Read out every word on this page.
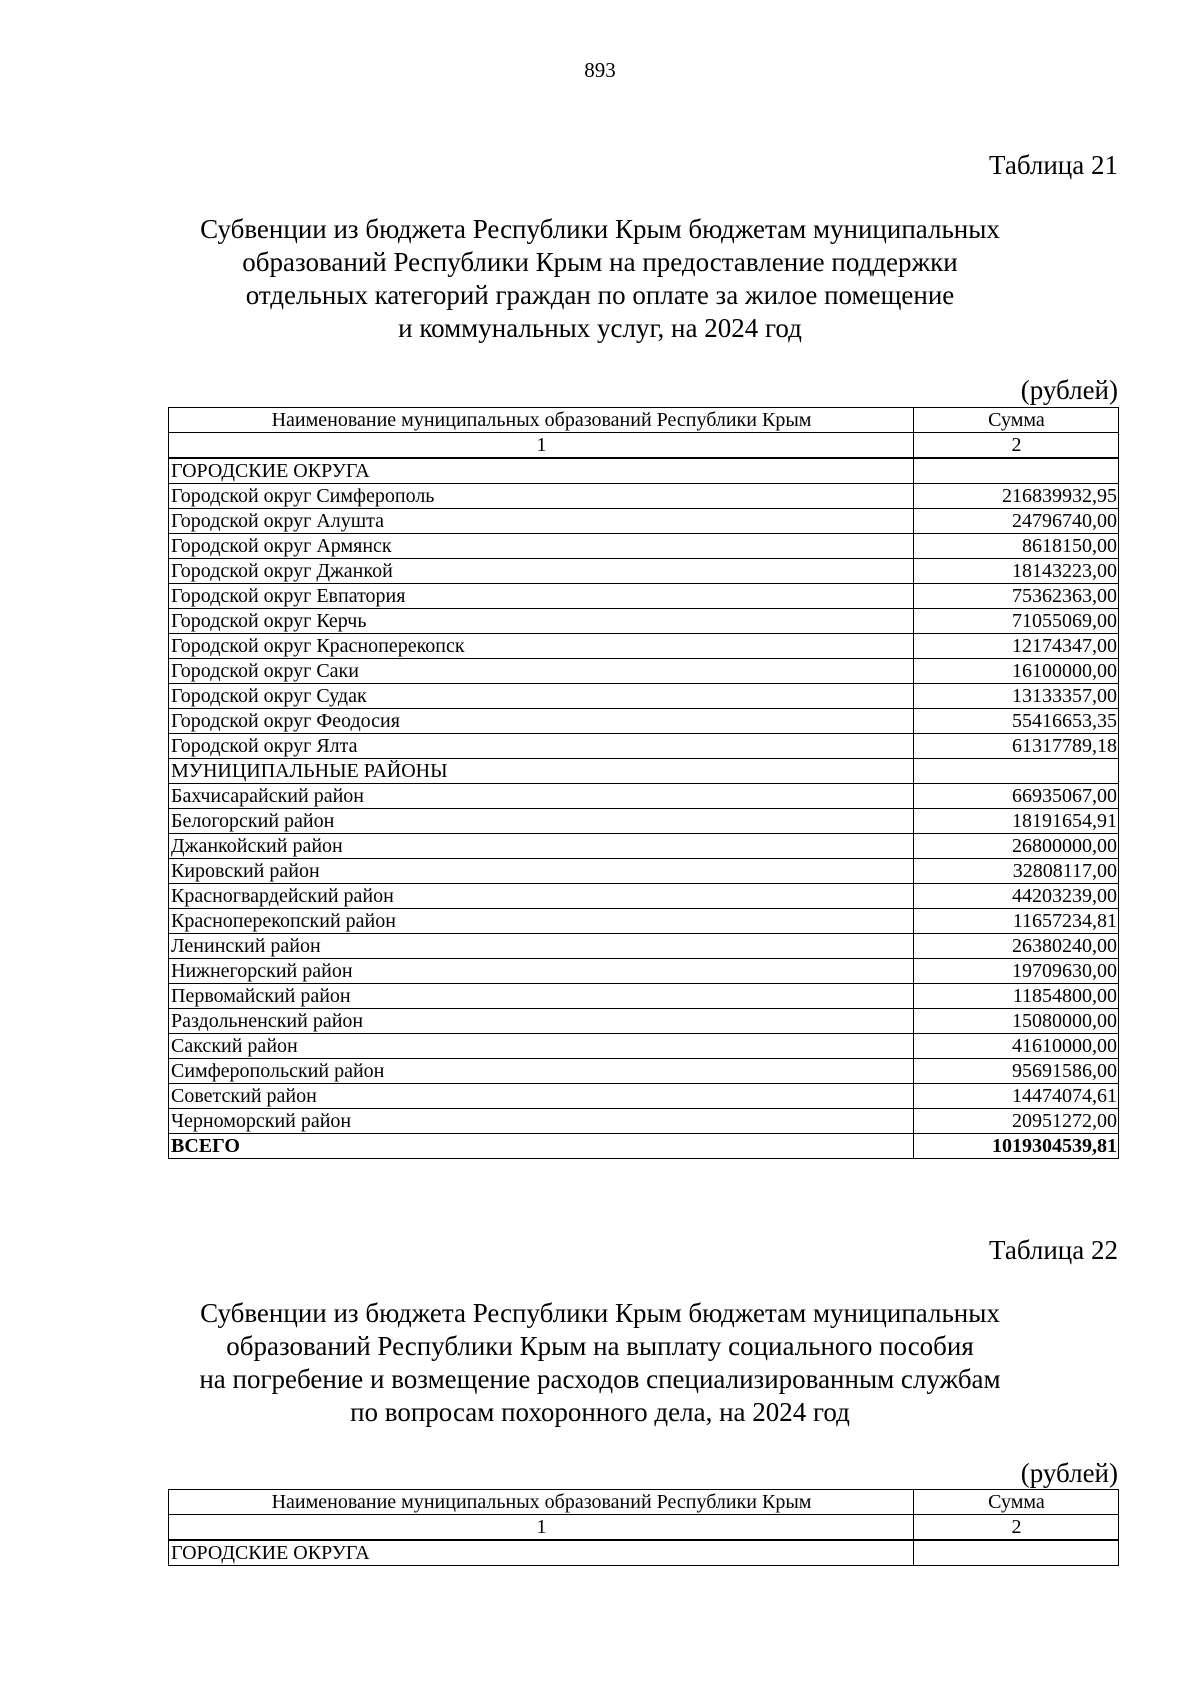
893
Таблица 21
Субвенции из бюджета Республики Крым бюджетам муниципальных
образований Республики Крым на предоставление поддержки
отдельных категорий граждан по оплате за жилое помещение
и коммунальных услуг, на 2024 год
(рублей)
Наименование муниципальных образований Республики Крым	Сумма
1	2
ГОРОДСКИЕ ОКРУГА	
Городской округ Симферополь	216839932,95
Городской округ Алушта	24796740,00
Городской округ Армянск	8618150,00
Городской округ Джанкой	18143223,00
Городской округ Евпатория	75362363,00
Городской округ Керчь	71055069,00
Городской округ Красноперекопск	12174347,00
Городской округ Саки	16100000,00
Городской округ Судак	13133357,00
Городской округ Феодосия	55416653,35
Городской округ Ялта	61317789,18
МУНИЦИПАЛЬНЫЕ РАЙОНЫ	
Бахчисарайский район	66935067,00
Белогорский район	18191654,91
Джанкойский район	26800000,00
Кировский район	32808117,00
Красногвардейский район	44203239,00
Красноперекопский район	11657234,81
Ленинский район	26380240,00
Нижнегорский район	19709630,00
Первомайский район	11854800,00
Раздольненский район	15080000,00
Сакский район	41610000,00
Симферопольский район	95691586,00
Советский район	14474074,61
Черноморский район	20951272,00
ВСЕГО	1019304539,81
Таблица 22
Субвенции из бюджета Республики Крым бюджетам муниципальных
образований Республики Крым на выплату социального пособия
на погребение и возмещение расходов специализированным службам
по вопросам похоронного дела, на 2024 год
(рублей)
Наименование муниципальных образований Республики Крым	Сумма
1	2
ГОРОДСКИЕ ОКРУГА	
